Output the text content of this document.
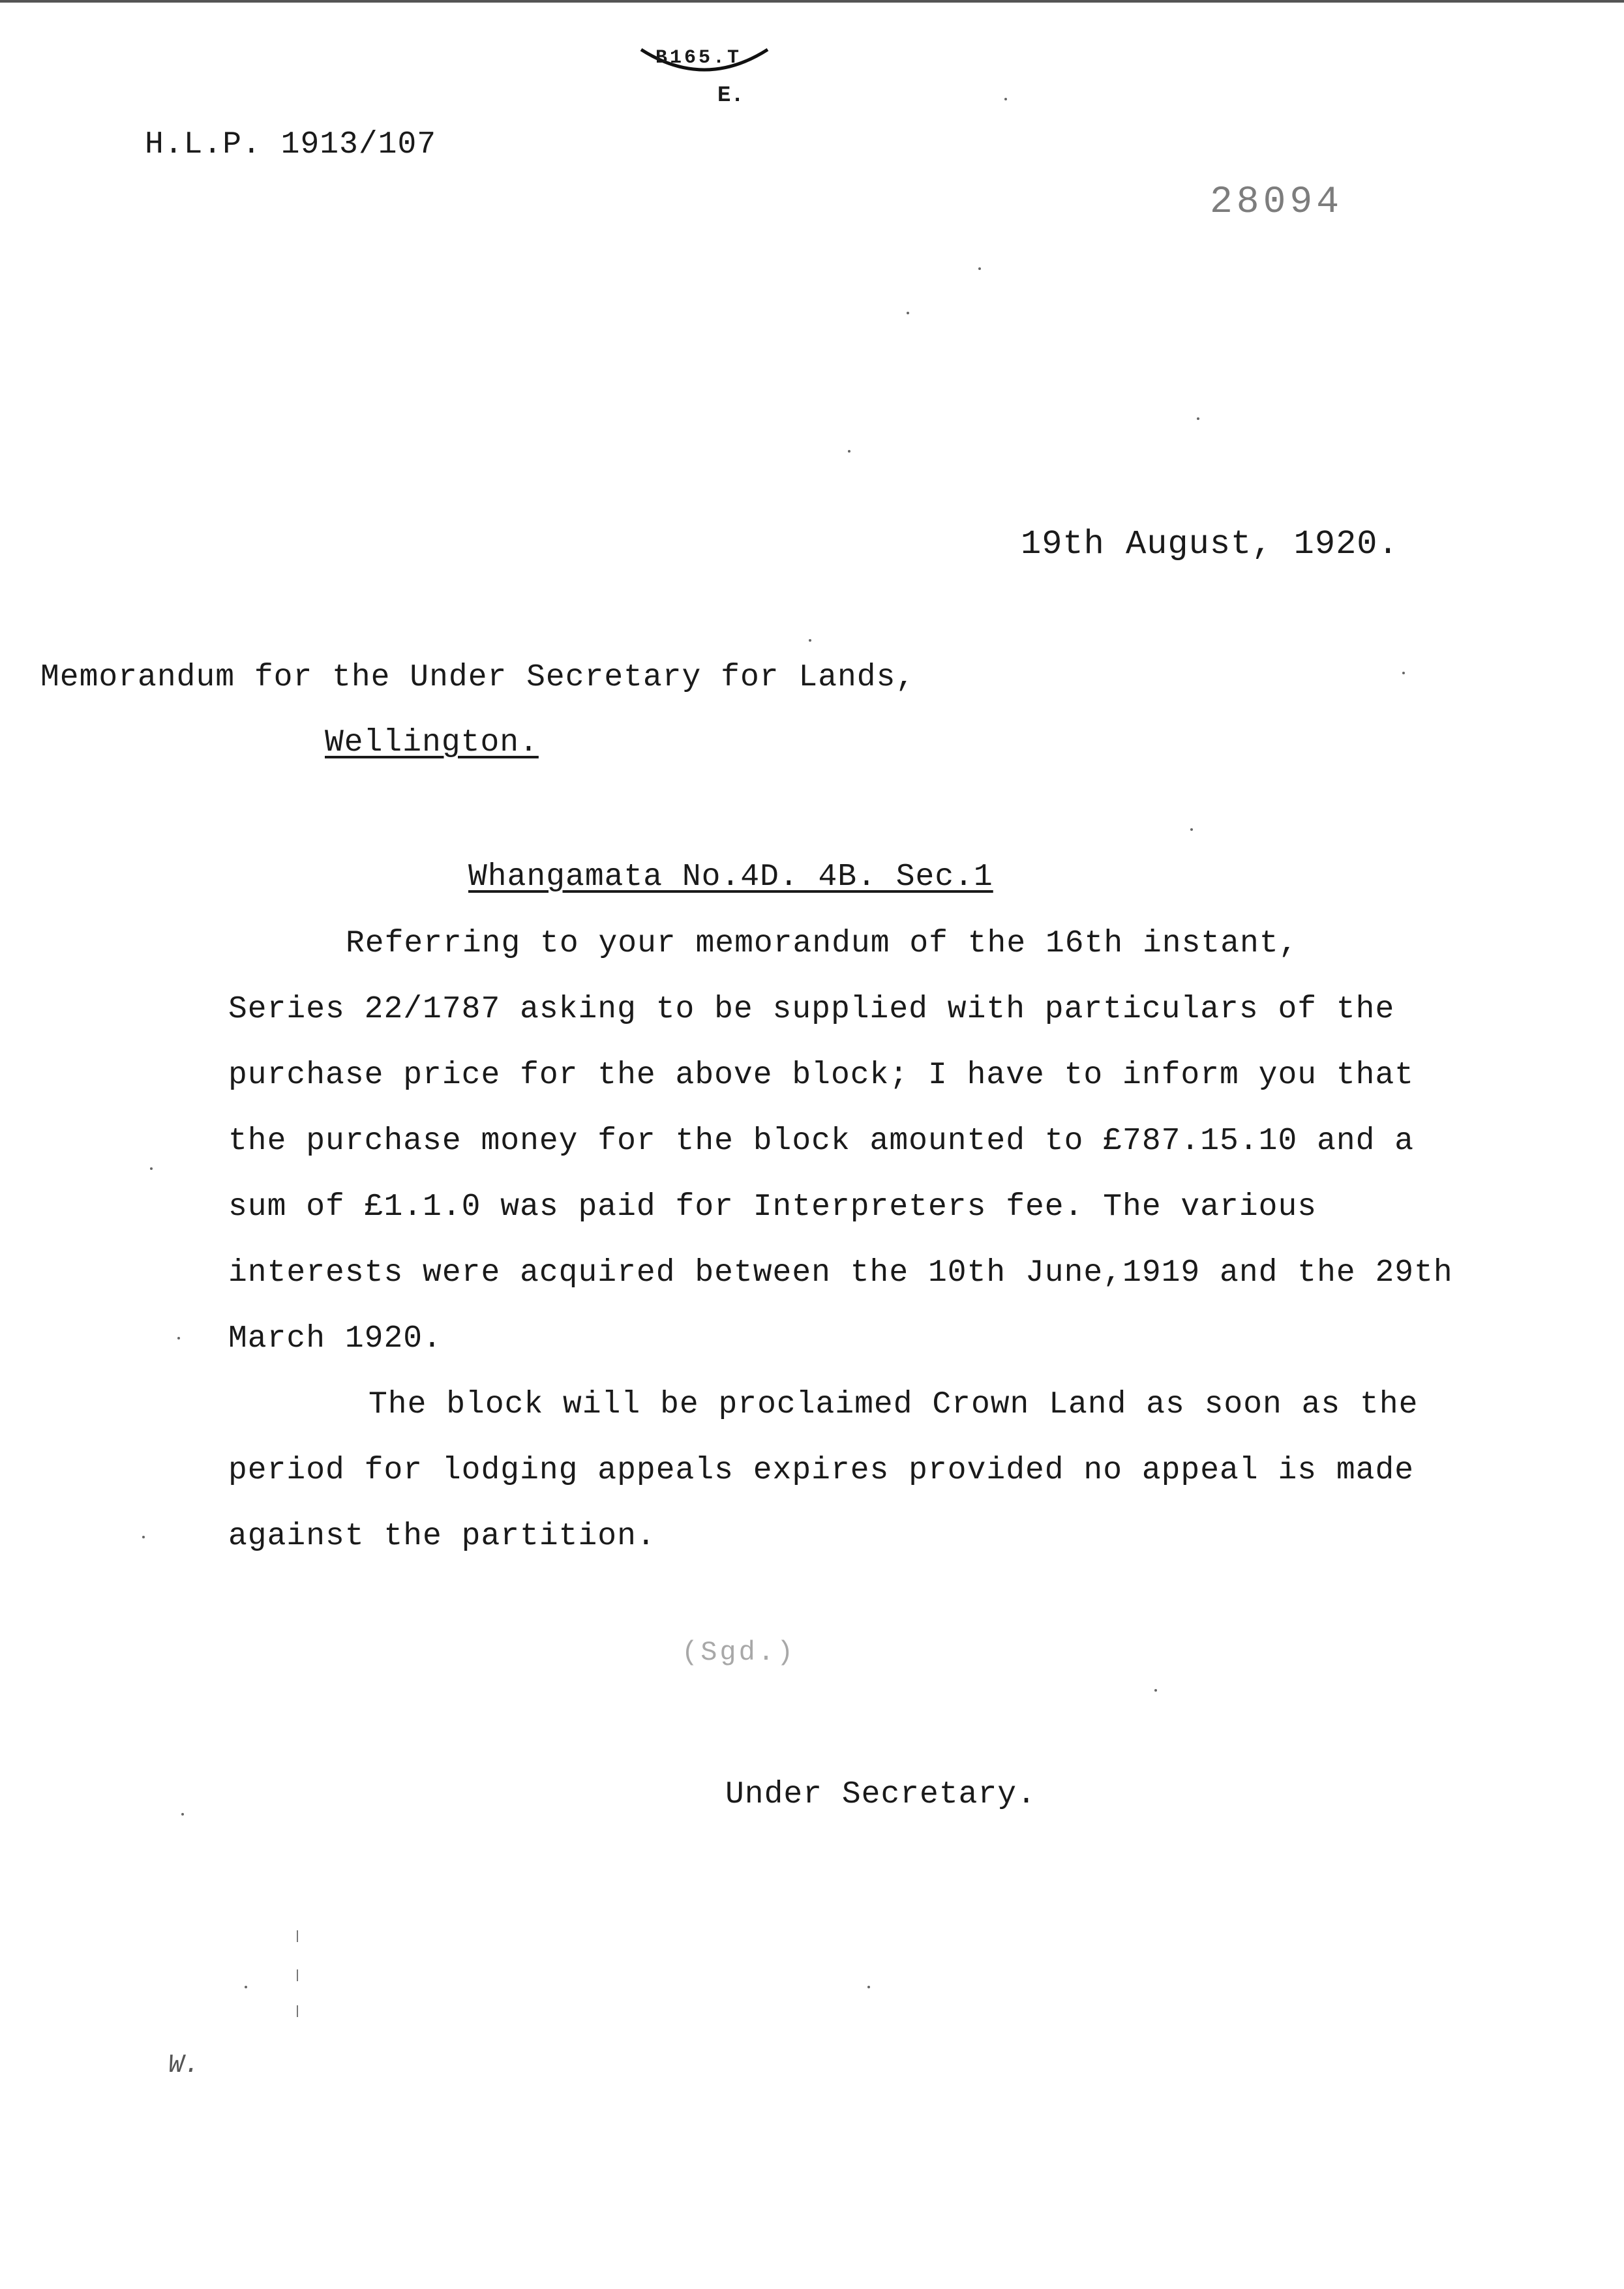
B165.T
E.
H.L.P. 1913/107
28094
19th August, 1920.
Memorandum for the Under Secretary for Lands,
Wellington.
Whangamata No.4D. 4B. Sec.1
Referring to your memorandum of the 16th instant,
Series 22/1787 asking to be supplied with particulars of the
purchase price for the above block; I have to inform you that
the purchase money for the block amounted to £787.15.10 and a
sum of £1.1.0 was paid for Interpreters fee. The various
interests were acquired between the 10th June,1919 and the 29th
March 1920.
The block will be proclaimed Crown Land as soon as the
period for lodging appeals expires provided no appeal is made
against the partition.
(Sgd.)
Under Secretary.
W.
